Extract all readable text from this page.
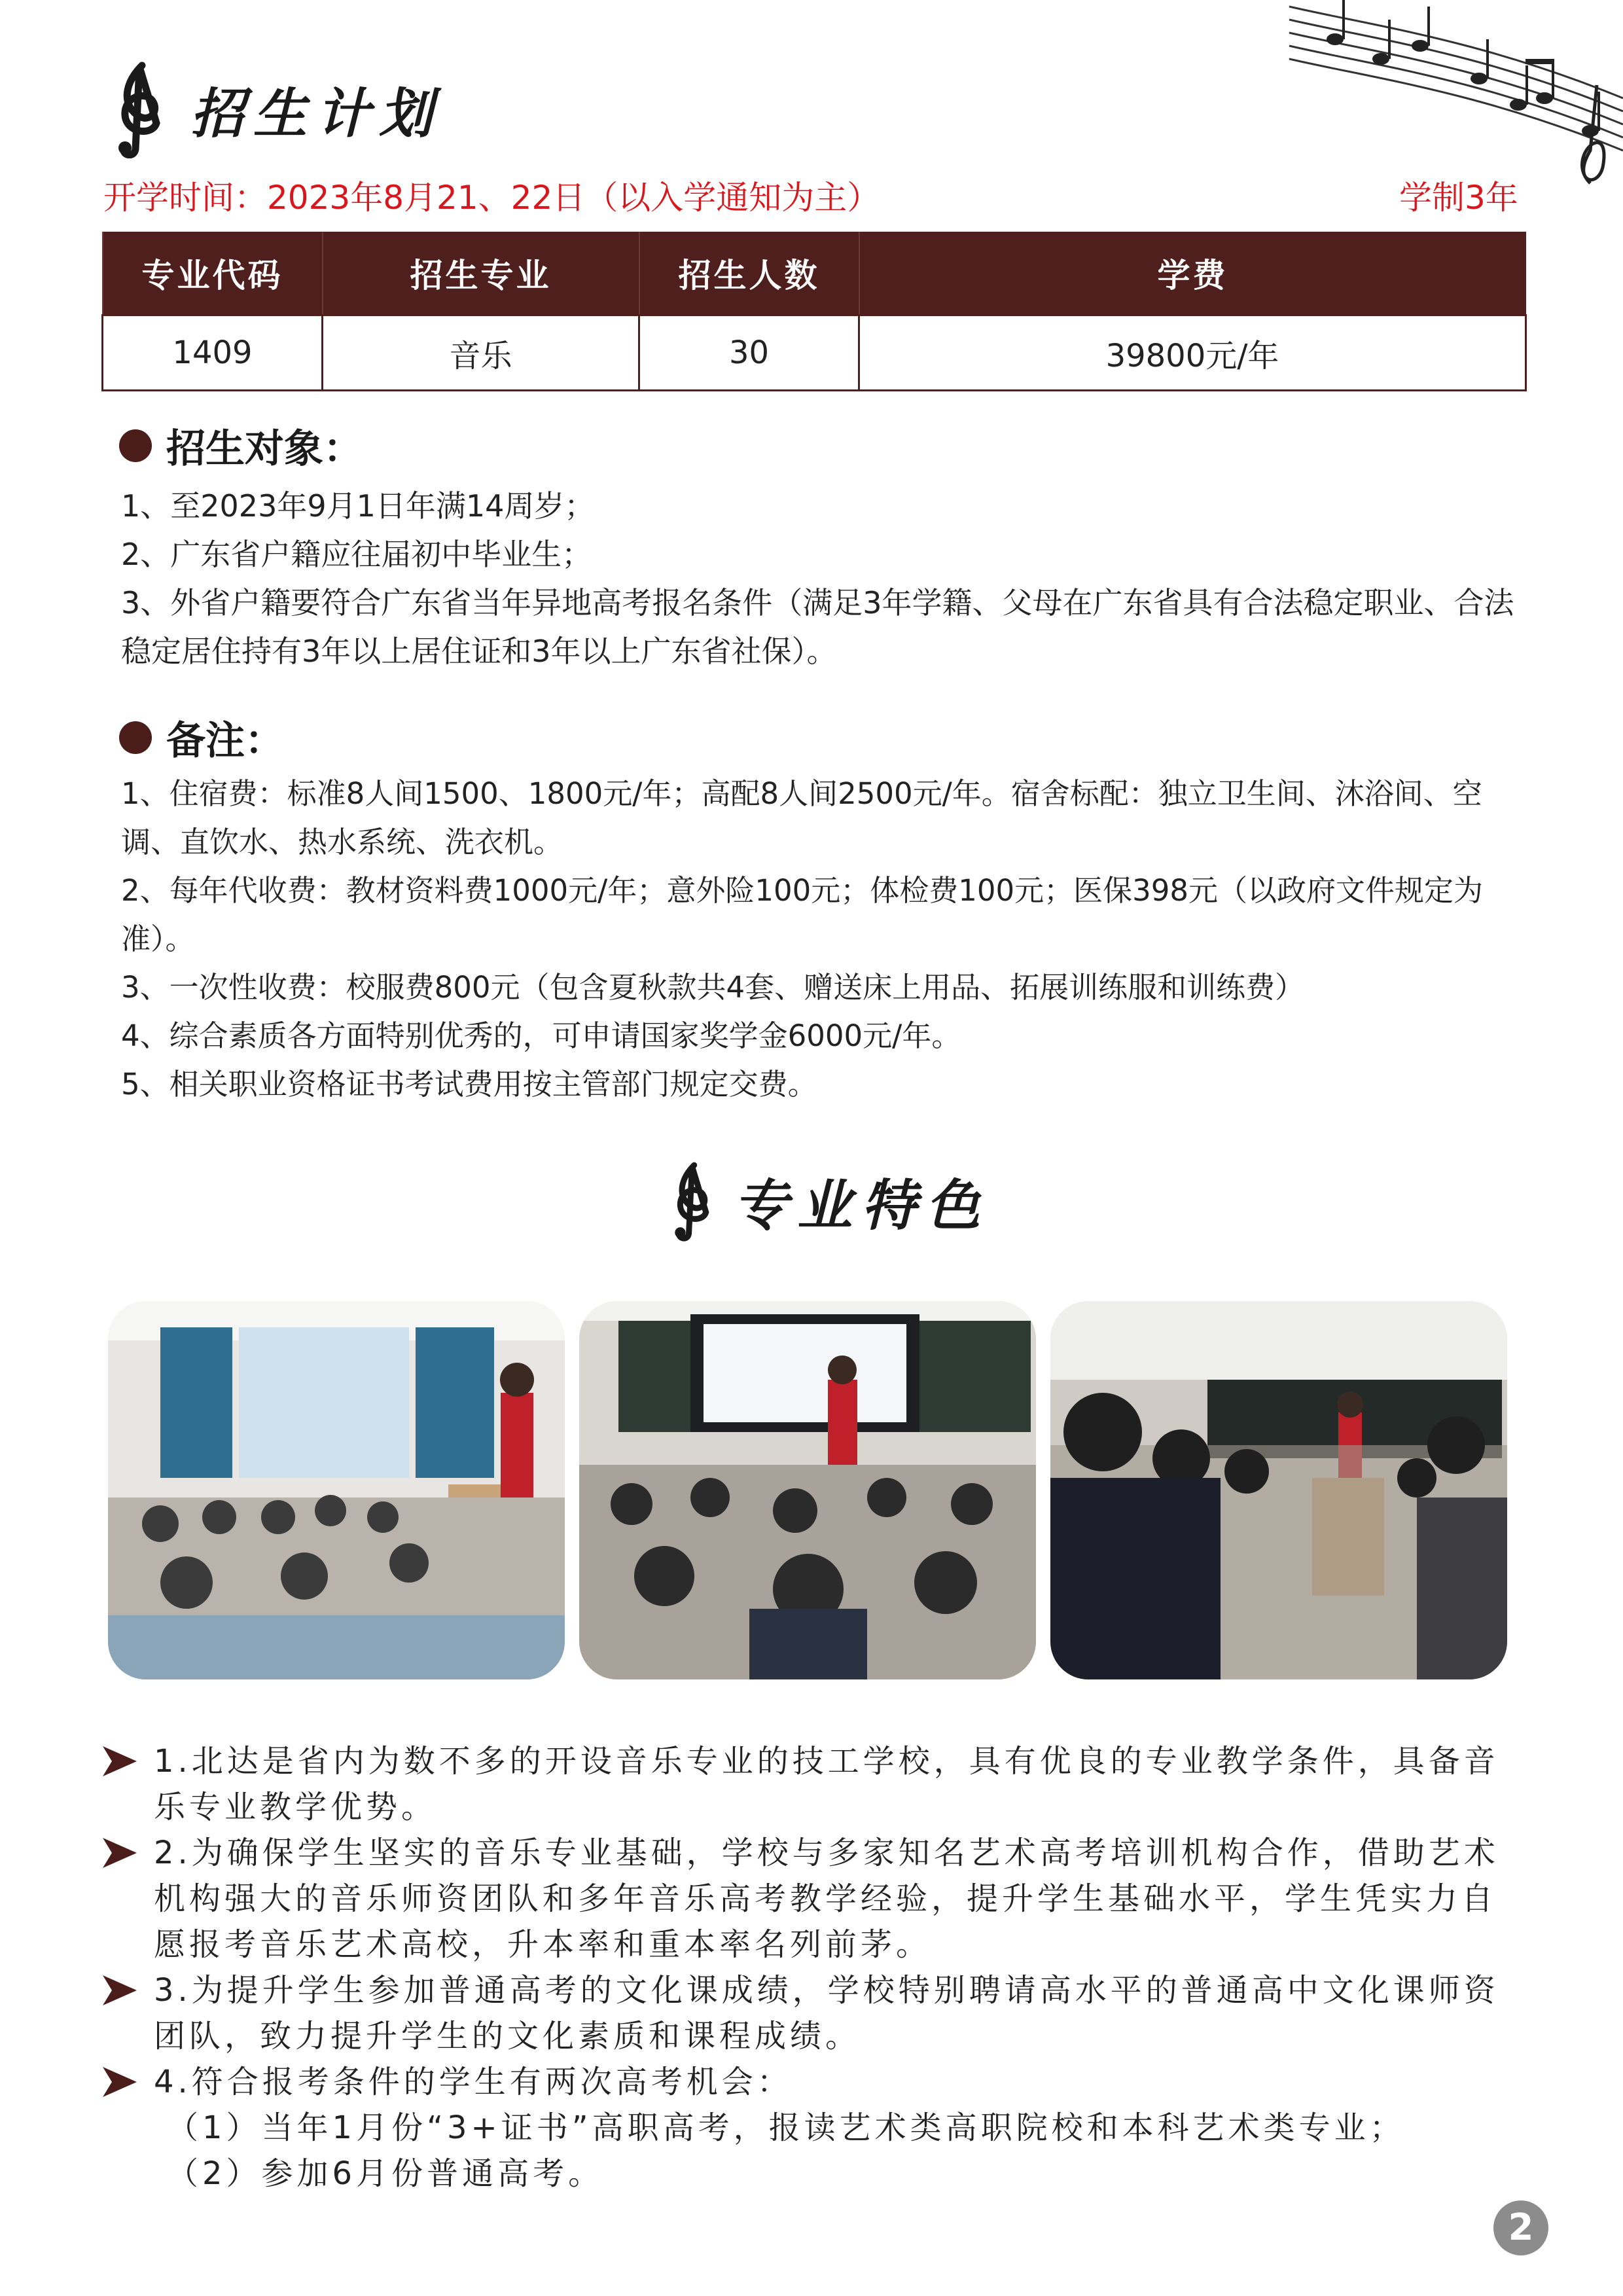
招生计划
开学时间：2023年8月21、22日（以入学通知为主）	学制3年
专业代码	招生专业	招生人数	学费
1409	音乐	30	39800元/年
招生对象：

1、至2023年9月1日年满14周岁；

2、广东省户籍应往届初中毕业生；

3、外省户籍要符合广东省当年异地高考报名条件（满足3年学籍、父母在广东省具有合法稳定职业、合法稳定居住持有3年以上居住证和3年以上广东省社保）。

备注：

1、住宿费：标准8人间1500、1800元/年；高配8人间2500元/年。宿舍标配：独立卫生间、沐浴间、空调、直饮水、热水系统、洗衣机。

2、每年代收费：教材资料费1000元/年；意外险100元；体检费100元；医保398元（以政府文件规定为准）。

3、一次性收费：校服费800元（包含夏秋款共4套、赠送床上用品、拓展训练服和训练费）

4、综合素质各方面特别优秀的，可申请国家奖学金6000元/年。

5、相关职业资格证书考试费用按主管部门规定交费。

专业特色
1.北达是省内为数不多的开设音乐专业的技工学校，具有优良的专业教学条件，具备音乐专业教学优势。
2.为确保学生坚实的音乐专业基础，学校与多家知名艺术高考培训机构合作，借助艺术机构强大的音乐师资团队和多年音乐高考教学经验，提升学生基础水平，学生凭实力自愿报考音乐艺术高校，升本率和重本率名列前茅。
3.为提升学生参加普通高考的文化课成绩，学校特别聘请高水平的普通高中文化课师资团队，致力提升学生的文化素质和课程成绩。
4.符合报考条件的学生有两次高考机会：
（1）当年1月份“3+证书”高职高考，报读艺术类高职院校和本科艺术类专业；
（2）参加6月份普通高考。
2
